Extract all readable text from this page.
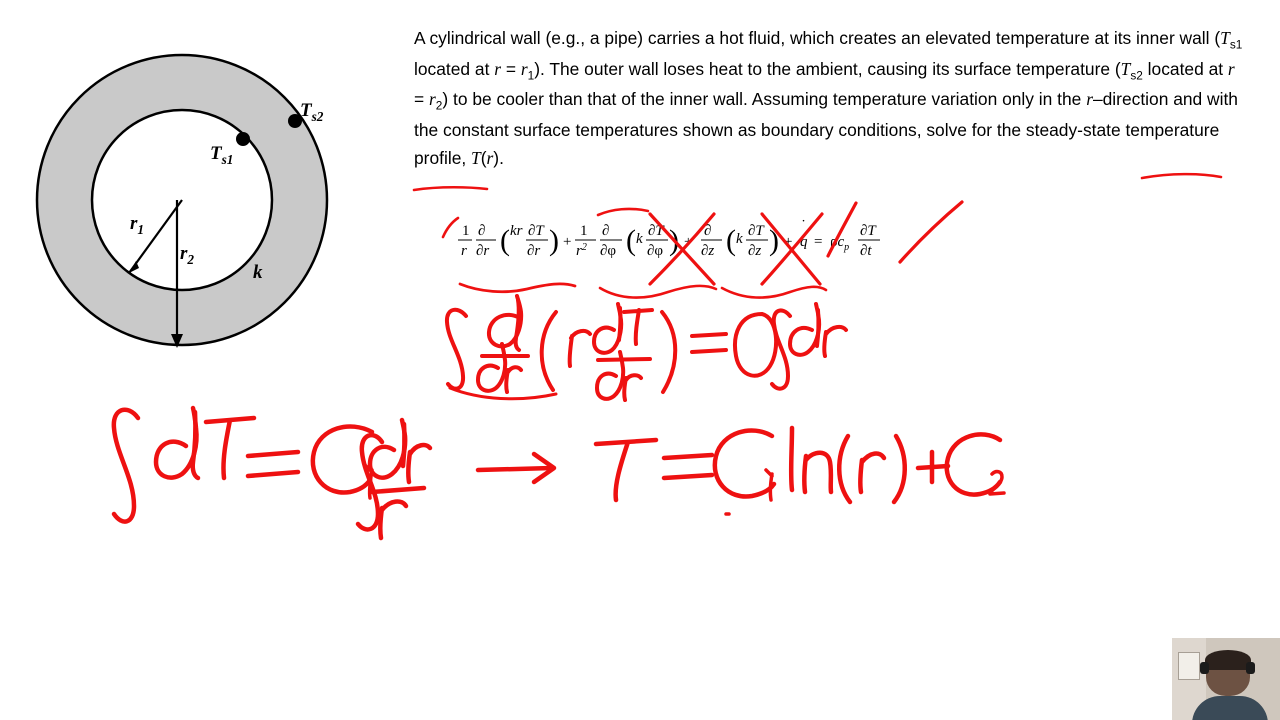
$T_{s2}$
$T_{s1}$
$r_1$
$r_2$
k
A cylindrical wall (e.g., a pipe) carries a hot fluid, which creates an elevated temperature at its inner wall ($T_{s1}$ located at $r = r_1$). The outer wall loses heat to the ambient, causing its surface temperature ($T_{s2}$ located at $r = r_2$) to be cooler than that of the inner wall. Assuming temperature variation only in the r–direction and with the constant surface temperatures shown as boundary conditions, solve for the steady-state temperature profile, T(r).
1
r
∂
∂r ( kr ∂T
∂r ) +
1
$r^2$
∂
∂φ ( k ∂T
∂φ ) +
∂
∂z ( k ∂T
∂z ) + q
˙
= $\rho c_p$
∂T
∂t
